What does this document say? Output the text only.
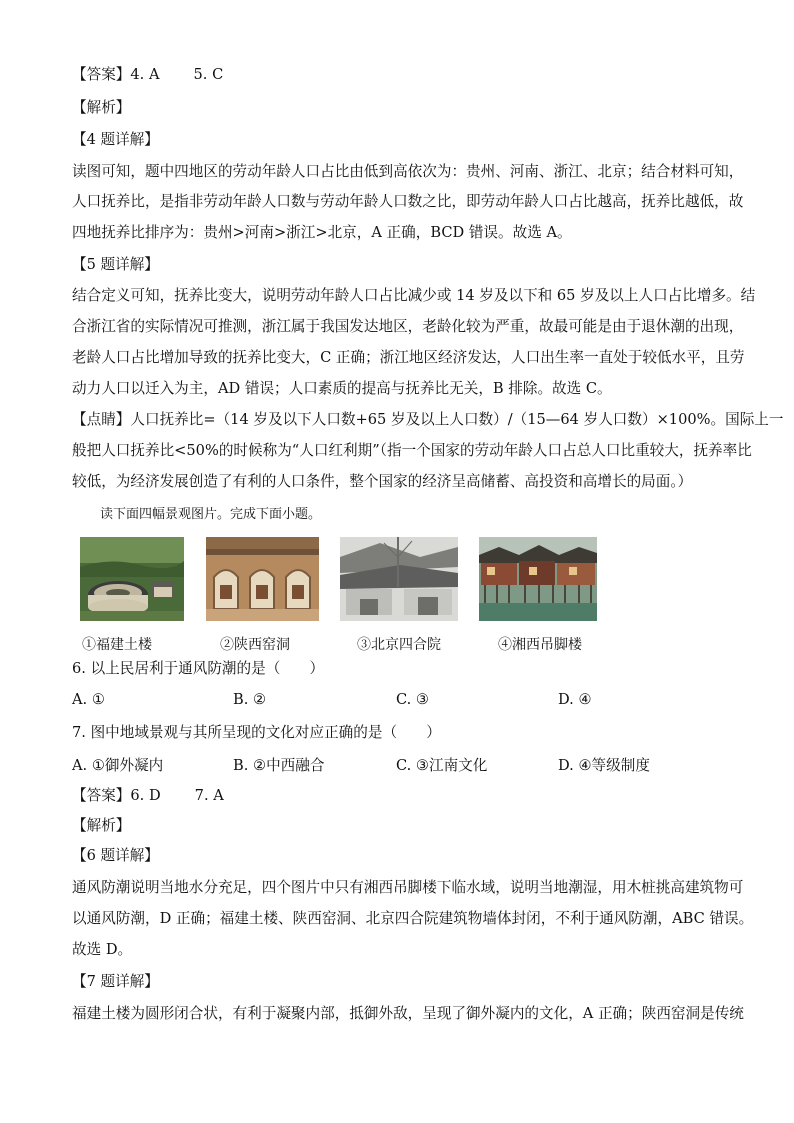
【答案】4. A 5. C
【解析】
【4 题详解】
读图可知，题中四地区的劳动年龄人口占比由低到高依次为：贵州、河南、浙江、北京；结合材料可知，
人口抚养比，是指非劳动年龄人口数与劳动年龄人口数之比，即劳动年龄人口占比越高，抚养比越低，故
四地抚养比排序为：贵州>河南>浙江>北京，A 正确，BCD 错误。故选 A。
【5 题详解】
结合定义可知，抚养比变大，说明劳动年龄人口占比减少或 14 岁及以下和 65 岁及以上人口占比增多。结
合浙江省的实际情况可推测，浙江属于我国发达地区，老龄化较为严重，故最可能是由于退休潮的出现，
老龄人口占比增加导致的抚养比变大，C 正确；浙江地区经济发达，人口出生率一直处于较低水平，且劳
动力人口以迁入为主，AD 错误；人口素质的提高与抚养比无关，B 排除。故选 C。
【点睛】人口抚养比=（14 岁及以下人口数+65 岁及以上人口数）/（15—64 岁人口数）×100%。国际上一
般把人口抚养比<50%的时候称为“人口红利期”（指一个国家的劳动年龄人口占总人口比重较大，抚养率比
较低，为经济发展创造了有利的人口条件，整个国家的经济呈高储蓄、高投资和高增长的局面。）
读下面四幅景观图片。完成下面小题。
①福建土楼	②陕西窑洞	③北京四合院	④湘西吊脚楼
6. 以上民居利于通风防潮的是（　　）
A. ①	B. ②	C. ③	D. ④
7. 图中地域景观与其所呈现的文化对应正确的是（　　）
A. ①御外凝内	B. ②中西融合	C. ③江南文化	D. ④等级制度
【答案】6. D 7. A
【解析】
【6 题详解】
通风防潮说明当地水分充足，四个图片中只有湘西吊脚楼下临水域，说明当地潮湿，用木桩挑高建筑物可
以通风防潮，D 正确；福建土楼、陕西窑洞、北京四合院建筑物墙体封闭，不利于通风防潮，ABC 错误。
故选 D。
【7 题详解】
福建土楼为圆形闭合状，有利于凝聚内部，抵御外敌，呈现了御外凝内的文化，A 正确；陕西窑洞是传统
